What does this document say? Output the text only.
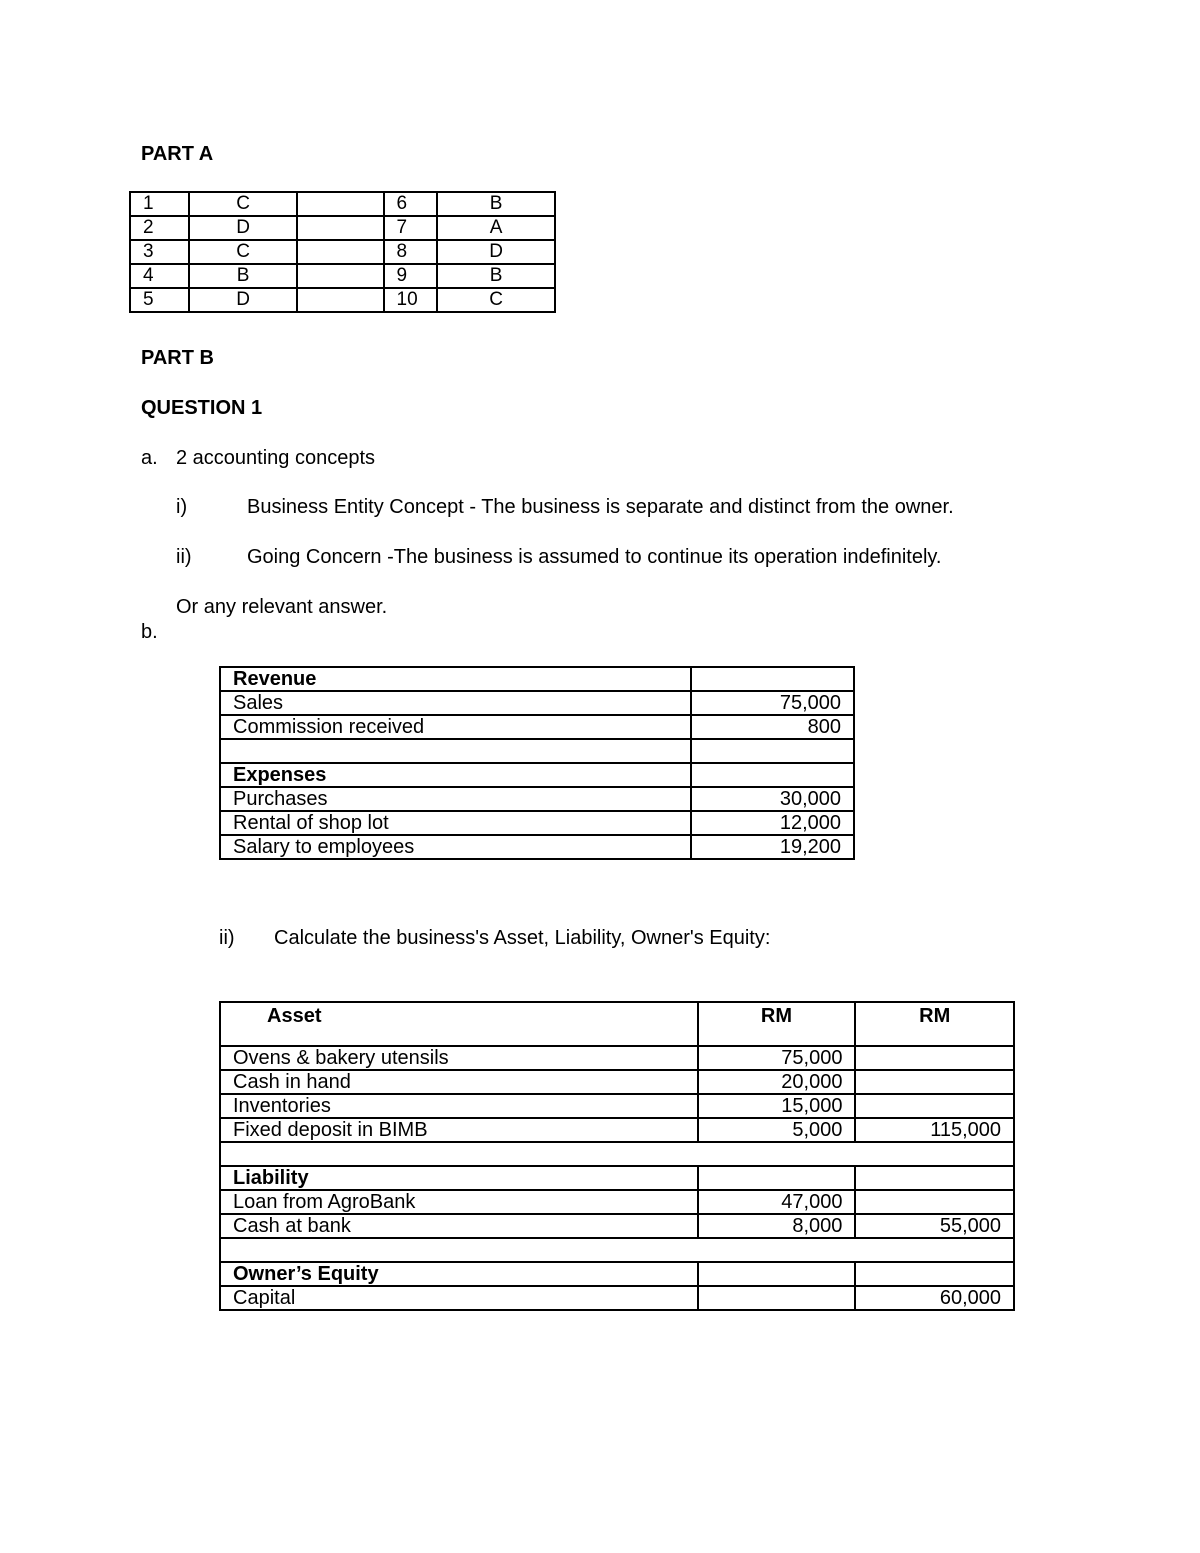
PART A
1	C		6	B
2	D		7	A
3	C		8	D
4	B		9	B
5	D		10	C
PART B
QUESTION 1
a. 2 accounting concepts
i)	Business Entity Concept - The business is separate and distinct from the owner.
ii)	Going Concern -The business is assumed to continue its operation indefinitely.
Or any relevant answer.
b.
Revenue	
Sales	75,000
Commission received	800

Expenses	
Purchases	30,000
Rental of shop lot	12,000
Salary to employees	19,200
ii) Calculate the business's Asset, Liability, Owner's Equity:
Asset	RM	RM
Ovens & bakery utensils	75,000	
Cash in hand	20,000	
Inventories	15,000	
Fixed deposit in BIMB	5,000	115,000

Liability		
Loan from AgroBank	47,000	
Cash at bank	8,000	55,000

Owner’s Equity		
Capital		60,000
